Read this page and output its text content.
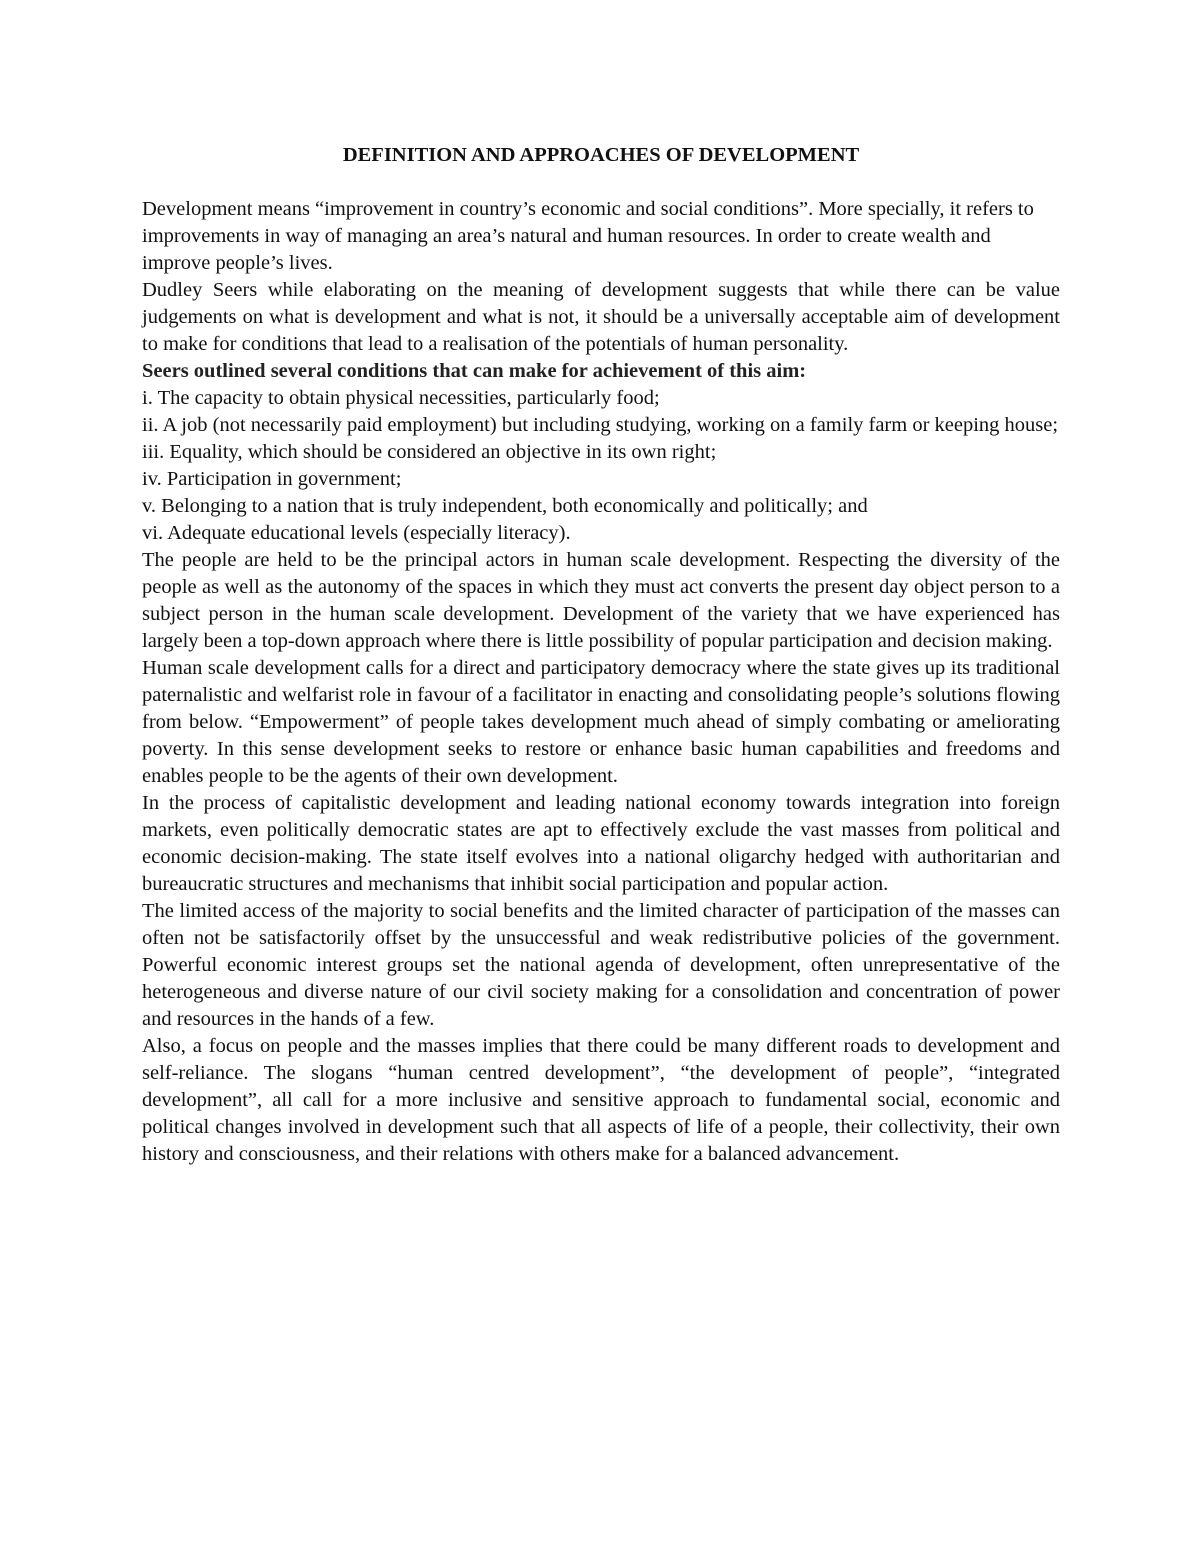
DEFINITION AND APPROACHES OF DEVELOPMENT

Development means “improvement in country’s economic and social conditions”. More specially, it refers to improvements in way of managing an area’s natural and human resources. In order to create wealth and improve people’s lives.

Dudley Seers while elaborating on the meaning of development suggests that while there can be value judgements on what is development and what is not, it should be a universally acceptable aim of development to make for conditions that lead to a realisation of the potentials of human personality.

Seers outlined several conditions that can make for achievement of this aim:

i. The capacity to obtain physical necessities, particularly food;

ii. A job (not necessarily paid employment) but including studying, working on a family farm or keeping house;

iii. Equality, which should be considered an objective in its own right;

iv. Participation in government;

v. Belonging to a nation that is truly independent, both economically and politically; and

vi. Adequate educational levels (especially literacy).

The people are held to be the principal actors in human scale development. Respecting the diversity of the people as well as the autonomy of the spaces in which they must act converts the present day object person to a subject person in the human scale development. Development of the variety that we have experienced has largely been a top-down approach where there is little possibility of popular participation and decision making.

Human scale development calls for a direct and participatory democracy where the state gives up its traditional paternalistic and welfarist role in favour of a facilitator in enacting and consolidating people’s solutions flowing from below. “Empowerment” of people takes development much ahead of simply combating or ameliorating poverty. In this sense development seeks to restore or enhance basic human capabilities and freedoms and enables people to be the agents of their own development.

In the process of capitalistic development and leading national economy towards integration into foreign markets, even politically democratic states are apt to effectively exclude the vast masses from political and economic decision-making. The state itself evolves into a national oligarchy hedged with authoritarian and bureaucratic structures and mechanisms that inhibit social participation and popular action.

The limited access of the majority to social benefits and the limited character of participation of the masses can often not be satisfactorily offset by the unsuccessful and weak redistributive policies of the government. Powerful economic interest groups set the national agenda of development, often unrepresentative of the heterogeneous and diverse nature of our civil society making for a consolidation and concentration of power and resources in the hands of a few.

Also, a focus on people and the masses implies that there could be many different roads to development and self-reliance. The slogans “human centred development”, “the development of people”, “integrated development”, all call for a more inclusive and sensitive approach to fundamental social, economic and political changes involved in development such that all aspects of life of a people, their collectivity, their own history and consciousness, and their relations with others make for a balanced advancement.
